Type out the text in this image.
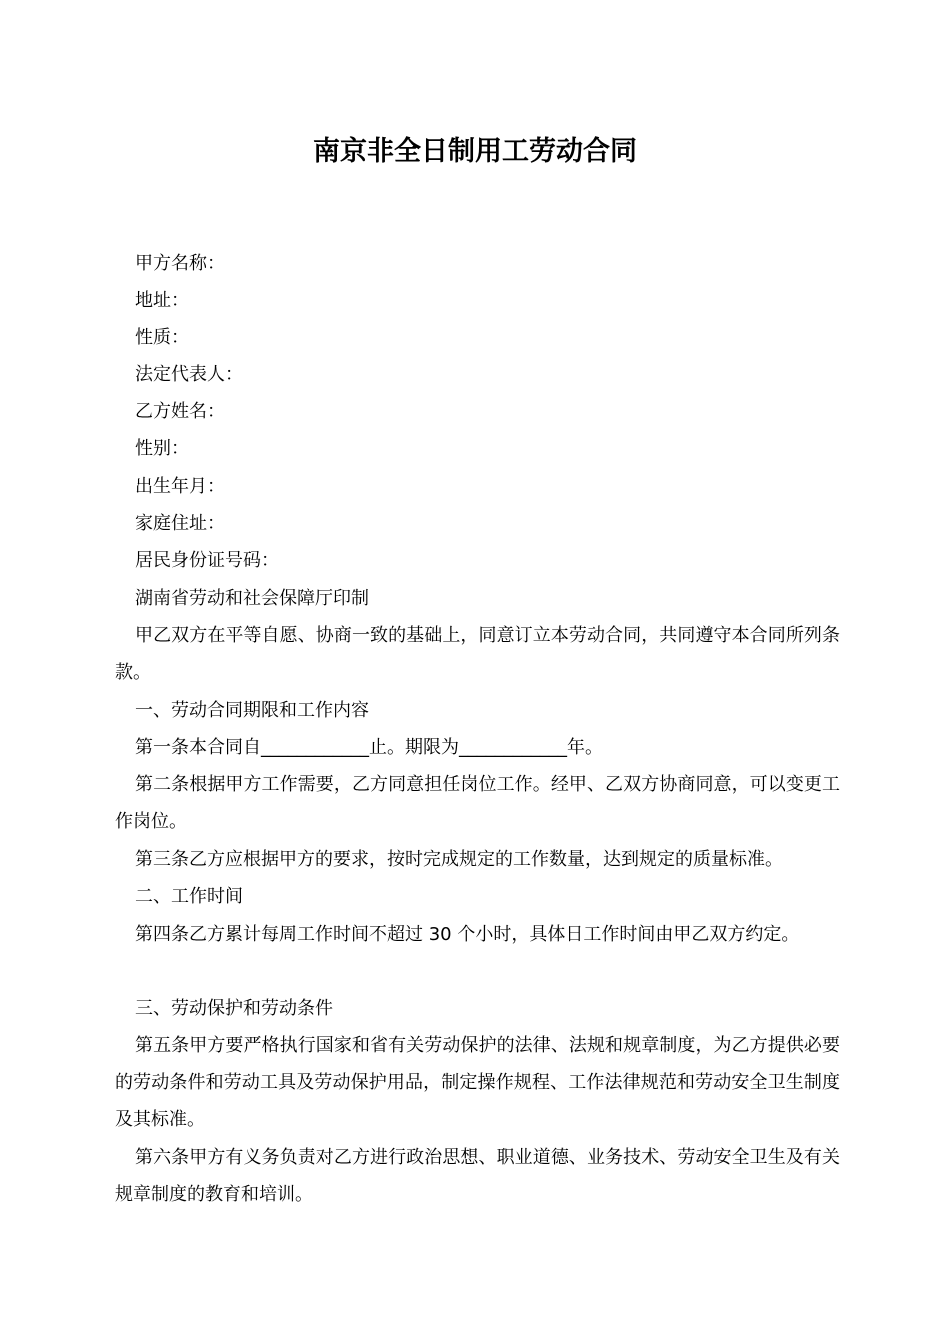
南京非全日制用工劳动合同
甲方名称：
地址：
性质：
法定代表人：
乙方姓名：
性别：
出生年月：
家庭住址：
居民身份证号码：
湖南省劳动和社会保障厅印制
甲乙双方在平等自愿、协商一致的基础上，同意订立本劳动合同，共同遵守本合同所列条款。
一、劳动合同期限和工作内容
第一条本合同自____________止。期限为____________年。
第二条根据甲方工作需要，乙方同意担任岗位工作。经甲、乙双方协商同意，可以变更工作岗位。
第三条乙方应根据甲方的要求，按时完成规定的工作数量，达到规定的质量标准。
二、工作时间
第四条乙方累计每周工作时间不超过 30 个小时，具体日工作时间由甲乙双方约定。
三、劳动保护和劳动条件
第五条甲方要严格执行国家和省有关劳动保护的法律、法规和规章制度，为乙方提供必要的劳动条件和劳动工具及劳动保护用品，制定操作规程、工作法律规范和劳动安全卫生制度及其标准。
第六条甲方有义务负责对乙方进行政治思想、职业道德、业务技术、劳动安全卫生及有关规章制度的教育和培训。
